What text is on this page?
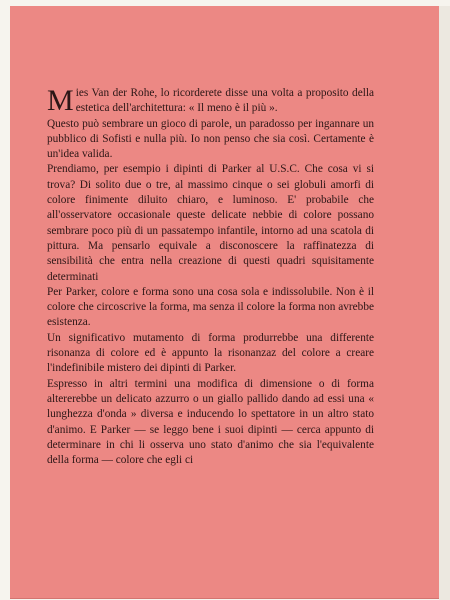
Mies Van der Rohe, lo ricorderete disse una volta a proposito della estetica dell'architettura: « Il meno è il più ».

Questo può sembrare un gioco di parole, un paradosso per ingannare un pubblico di Sofisti e nulla più. Io non penso che sia così. Certamente è un'idea valida.

Prendiamo, per esempio i dipinti di Parker al U.S.C. Che cosa vi si trova? Di solito due o tre, al massimo cinque o sei globuli amorfi di colore finimente diluito chiaro, e luminoso. E' probabile che all'osservatore occasionale queste delicate nebbie di colore possano sembrare poco più di un passatempo infantile, intorno ad una scatola di pittura. Ma pensarlo equivale a disconoscere la raffinatezza di sensibilità che entra nella creazione di questi quadri squisitamente determinati

Per Parker, colore e forma sono una cosa sola e indissolubile. Non è il colore che circoscrive la forma, ma senza il colore la forma non avrebbe esistenza.

Un significativo mutamento di forma produrrebbe una differente risonanza di colore ed è appunto la risonanzaz del colore a creare l'indefinibile mistero dei dipinti di Parker.

Espresso in altri termini una modifica di dimensione o di forma altererebbe un delicato azzurro o un giallo pallido dando ad essi una « lunghezza d'onda » diversa e inducendo lo spettatore in un altro stato d'animo. E Parker — se leggo bene i suoi dipinti — cerca appunto di determinare in chi li osserva uno stato d'animo che sia l'equivalente della forma — colore che egli ci
